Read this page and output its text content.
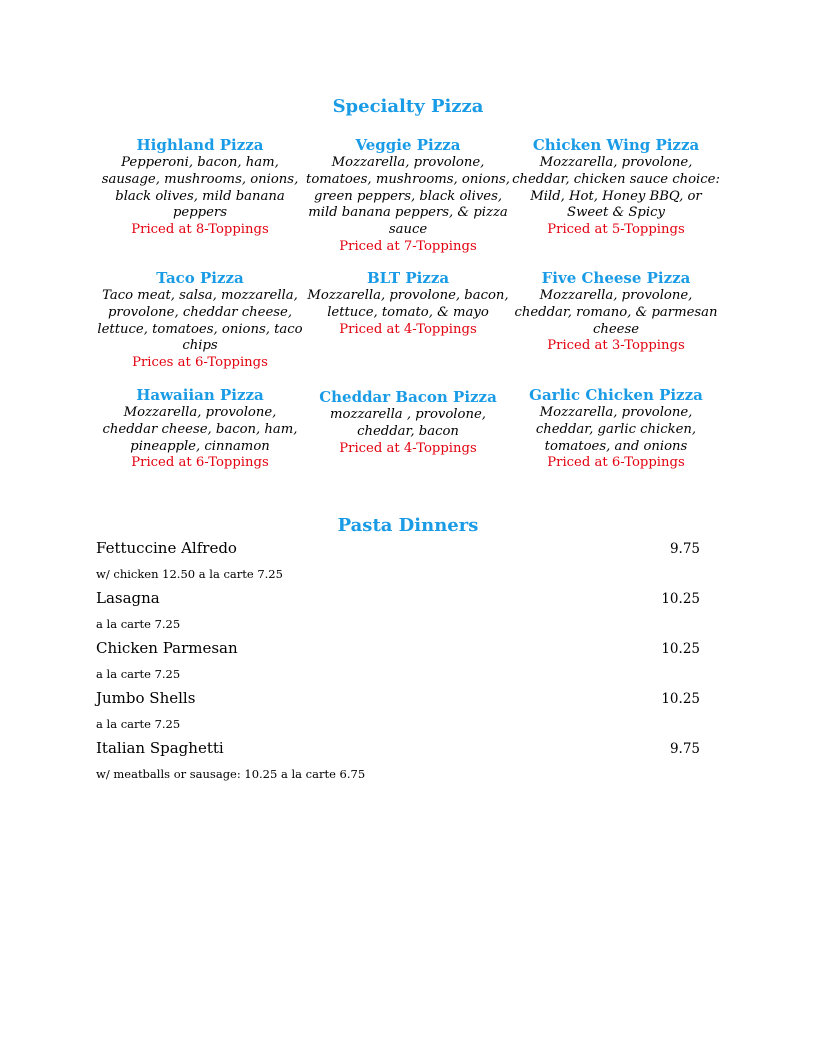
Specialty Pizza
Highland Pizza
Pepperoni, bacon, ham, sausage, mushrooms, onions, black olives, mild banana peppers
Priced at 8-Toppings
Veggie Pizza
Mozzarella, provolone, tomatoes, mushrooms, onions, green peppers, black olives, mild banana peppers, & pizza sauce
Priced at 7-Toppings
Chicken Wing Pizza
Mozzarella, provolone, cheddar, chicken sauce choice: Mild, Hot, Honey BBQ, or Sweet & Spicy
Priced at 5-Toppings
Taco Pizza
Taco meat, salsa, mozzarella, provolone, cheddar cheese, lettuce, tomatoes, onions, taco chips
Prices at 6-Toppings
BLT Pizza
Mozzarella, provolone, bacon, lettuce, tomato, & mayo
Priced at 4-Toppings
Five Cheese Pizza
Mozzarella, provolone, cheddar, romano, & parmesan cheese
Priced at 3-Toppings
Hawaiian Pizza
Mozzarella, provolone, cheddar cheese, bacon, ham, pineapple, cinnamon
Priced at 6-Toppings
Cheddar Bacon Pizza
mozzarella , provolone, cheddar, bacon
Priced at 4-Toppings
Garlic Chicken Pizza
Mozzarella, provolone, cheddar, garlic chicken, tomatoes, and onions
Priced at 6-Toppings
Pasta Dinners
Fettuccine Alfredo	9.75
w/ chicken 12.50 a la carte 7.25
Lasagna	10.25
a la carte 7.25
Chicken Parmesan	10.25
a la carte 7.25
Jumbo Shells	10.25
a la carte 7.25
Italian Spaghetti	9.75
w/ meatballs or sausage: 10.25 a la carte 6.75
